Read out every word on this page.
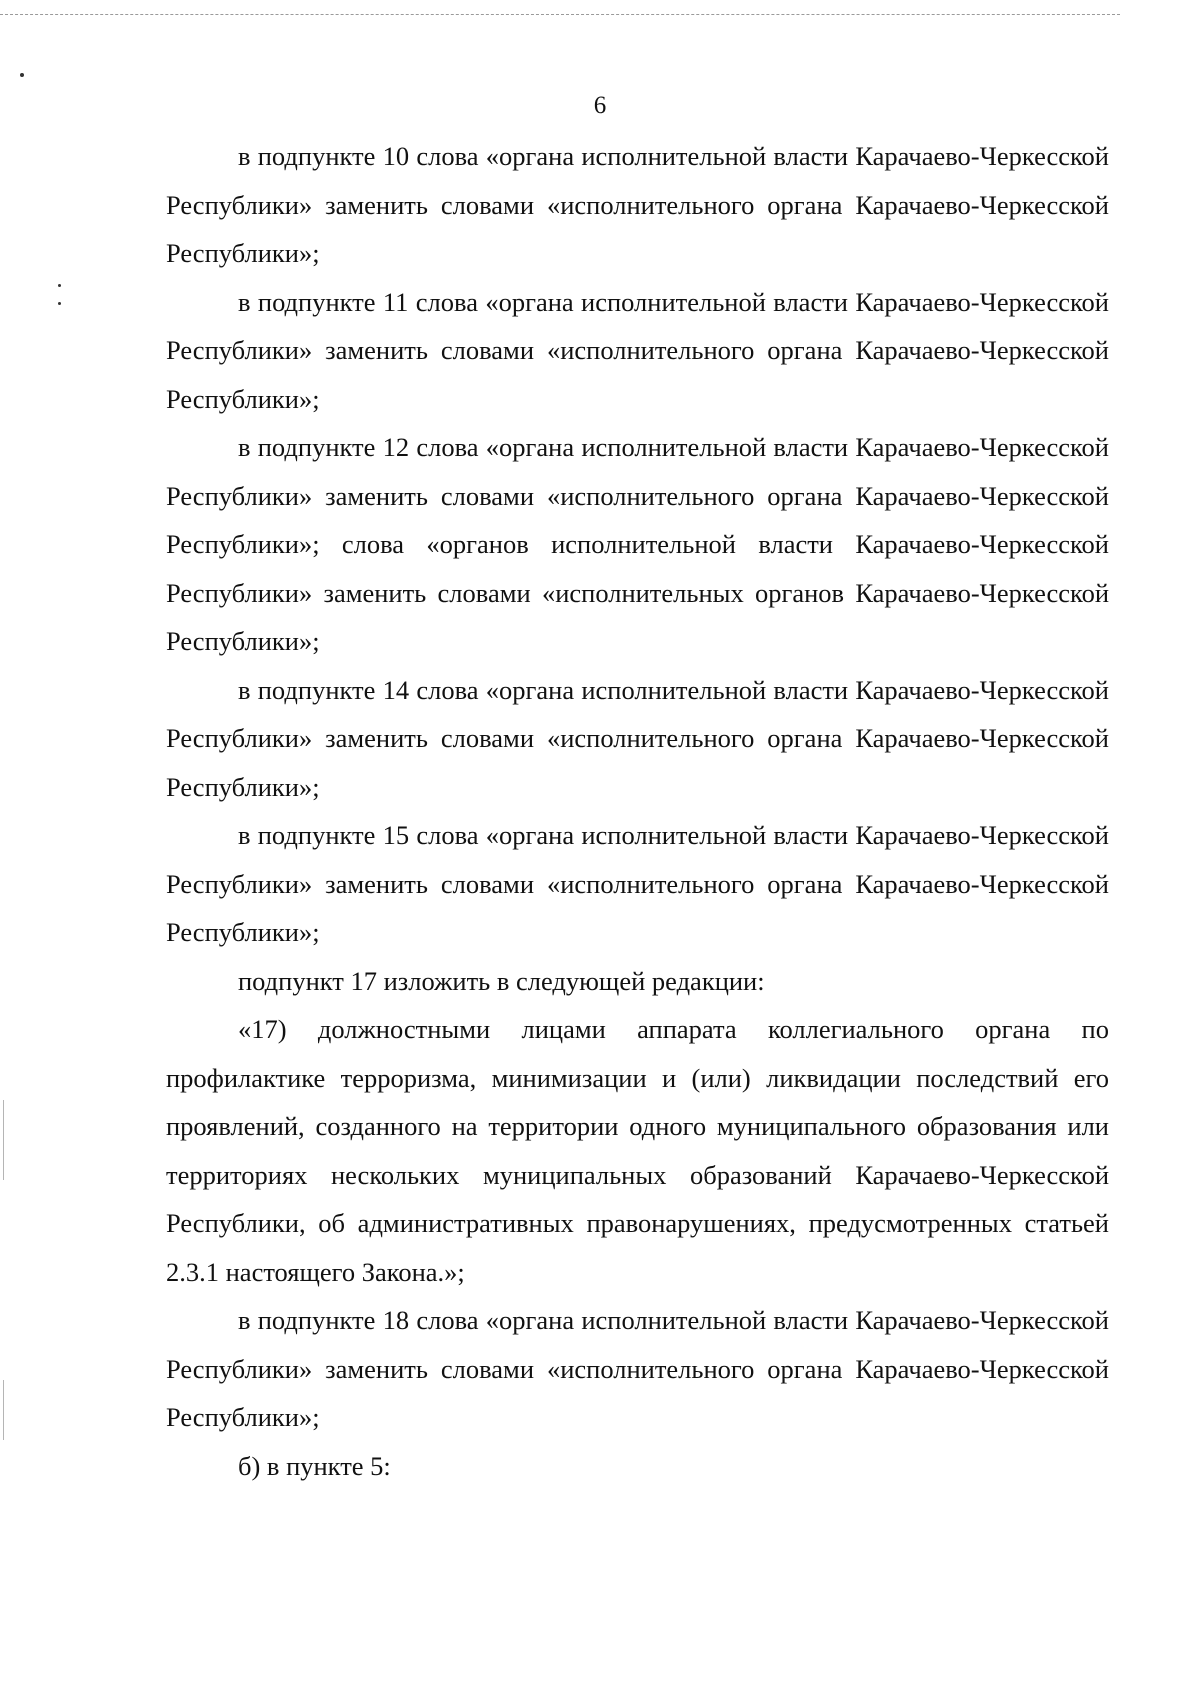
6

в подпункте 10 слова «органа исполнительной власти Карачаево-Черкесской Республики» заменить словами «исполнительного органа Карачаево-Черкесской Республики»;

в подпункте 11 слова «органа исполнительной власти Карачаево-Черкесской Республики» заменить словами «исполнительного органа Карачаево-Черкесской Республики»;

в подпункте 12 слова «органа исполнительной власти Карачаево-Черкесской Республики» заменить словами «исполнительного органа Карачаево-Черкесской Республики»; слова «органов исполнительной власти Карачаево-Черкесской Республики» заменить словами «исполнительных органов Карачаево-Черкесской Республики»;

в подпункте 14 слова «органа исполнительной власти Карачаево-Черкесской Республики» заменить словами «исполнительного органа Карачаево-Черкесской Республики»;

в подпункте 15 слова «органа исполнительной власти Карачаево-Черкесской Республики» заменить словами «исполнительного органа Карачаево-Черкесской Республики»;

подпункт 17 изложить в следующей редакции:

«17) должностными лицами аппарата коллегиального органа по профилактике терроризма, минимизации и (или) ликвидации последствий его проявлений, созданного на территории одного муниципального образования или территориях нескольких муниципальных образований Карачаево-Черкесской Республики, об административных правонарушениях, предусмотренных статьей 2.3.1 настоящего Закона.»;

в подпункте 18 слова «органа исполнительной власти Карачаево-Черкесской Республики» заменить словами «исполнительного органа Карачаево-Черкесской Республики»;

б) в пункте 5:
